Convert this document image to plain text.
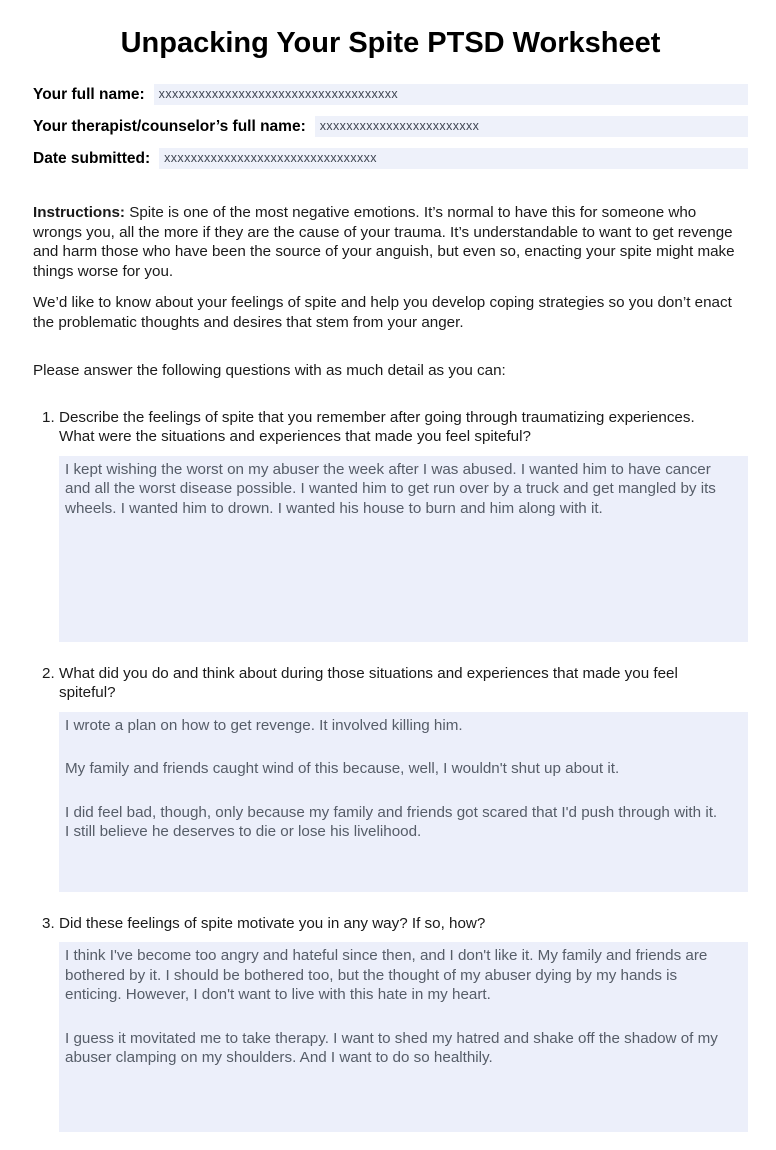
Unpacking Your Spite PTSD Worksheet
Your full name:	xxxxxxxxxxxxxxxxxxxxxxxxxxxxxxxxxxxx
Your therapist/counselor’s full name:	xxxxxxxxxxxxxxxxxxxxxxxx
Date submitted:	xxxxxxxxxxxxxxxxxxxxxxxxxxxxxxxx

Instructions: Spite is one of the most negative emotions. It’s normal to have this for someone who wrongs you, all the more if they are the cause of your trauma. It’s understandable to want to get revenge and harm those who have been the source of your anguish, but even so, enacting your spite might make things worse for you.

We’d like to know about your feelings of spite and help you develop coping strategies so you don’t enact the problematic thoughts and desires that stem from your anger.

Please answer the following questions with as much detail as you can:

1. Describe the feelings of spite that you remember after going through traumatizing experiences. What were the situations and experiences that made you feel spiteful?

I kept wishing the worst on my abuser the week after I was abused. I wanted him to have cancer and all the worst disease possible. I wanted him to get run over by a truck and get mangled by its wheels. I wanted him to drown. I wanted his house to burn and him along with it.

2. What did you do and think about during those situations and experiences that made you feel spiteful?

I wrote a plan on how to get revenge. It involved killing him.

My family and friends caught wind of this because, well, I wouldn't shut up about it.

I did feel bad, though, only because my family and friends got scared that I'd push through with it. I still believe he deserves to die or lose his livelihood.

3. Did these feelings of spite motivate you in any way? If so, how?

I think I've become too angry and hateful since then, and I don't like it. My family and friends are bothered by it. I should be bothered too, but the thought of my abuser dying by my hands is enticing. However, I don't want to live with this hate in my heart.

I guess it movitated me to take therapy. I want to shed my hatred and shake off the shadow of my abuser clamping on my shoulders. And I want to do so healthily.
